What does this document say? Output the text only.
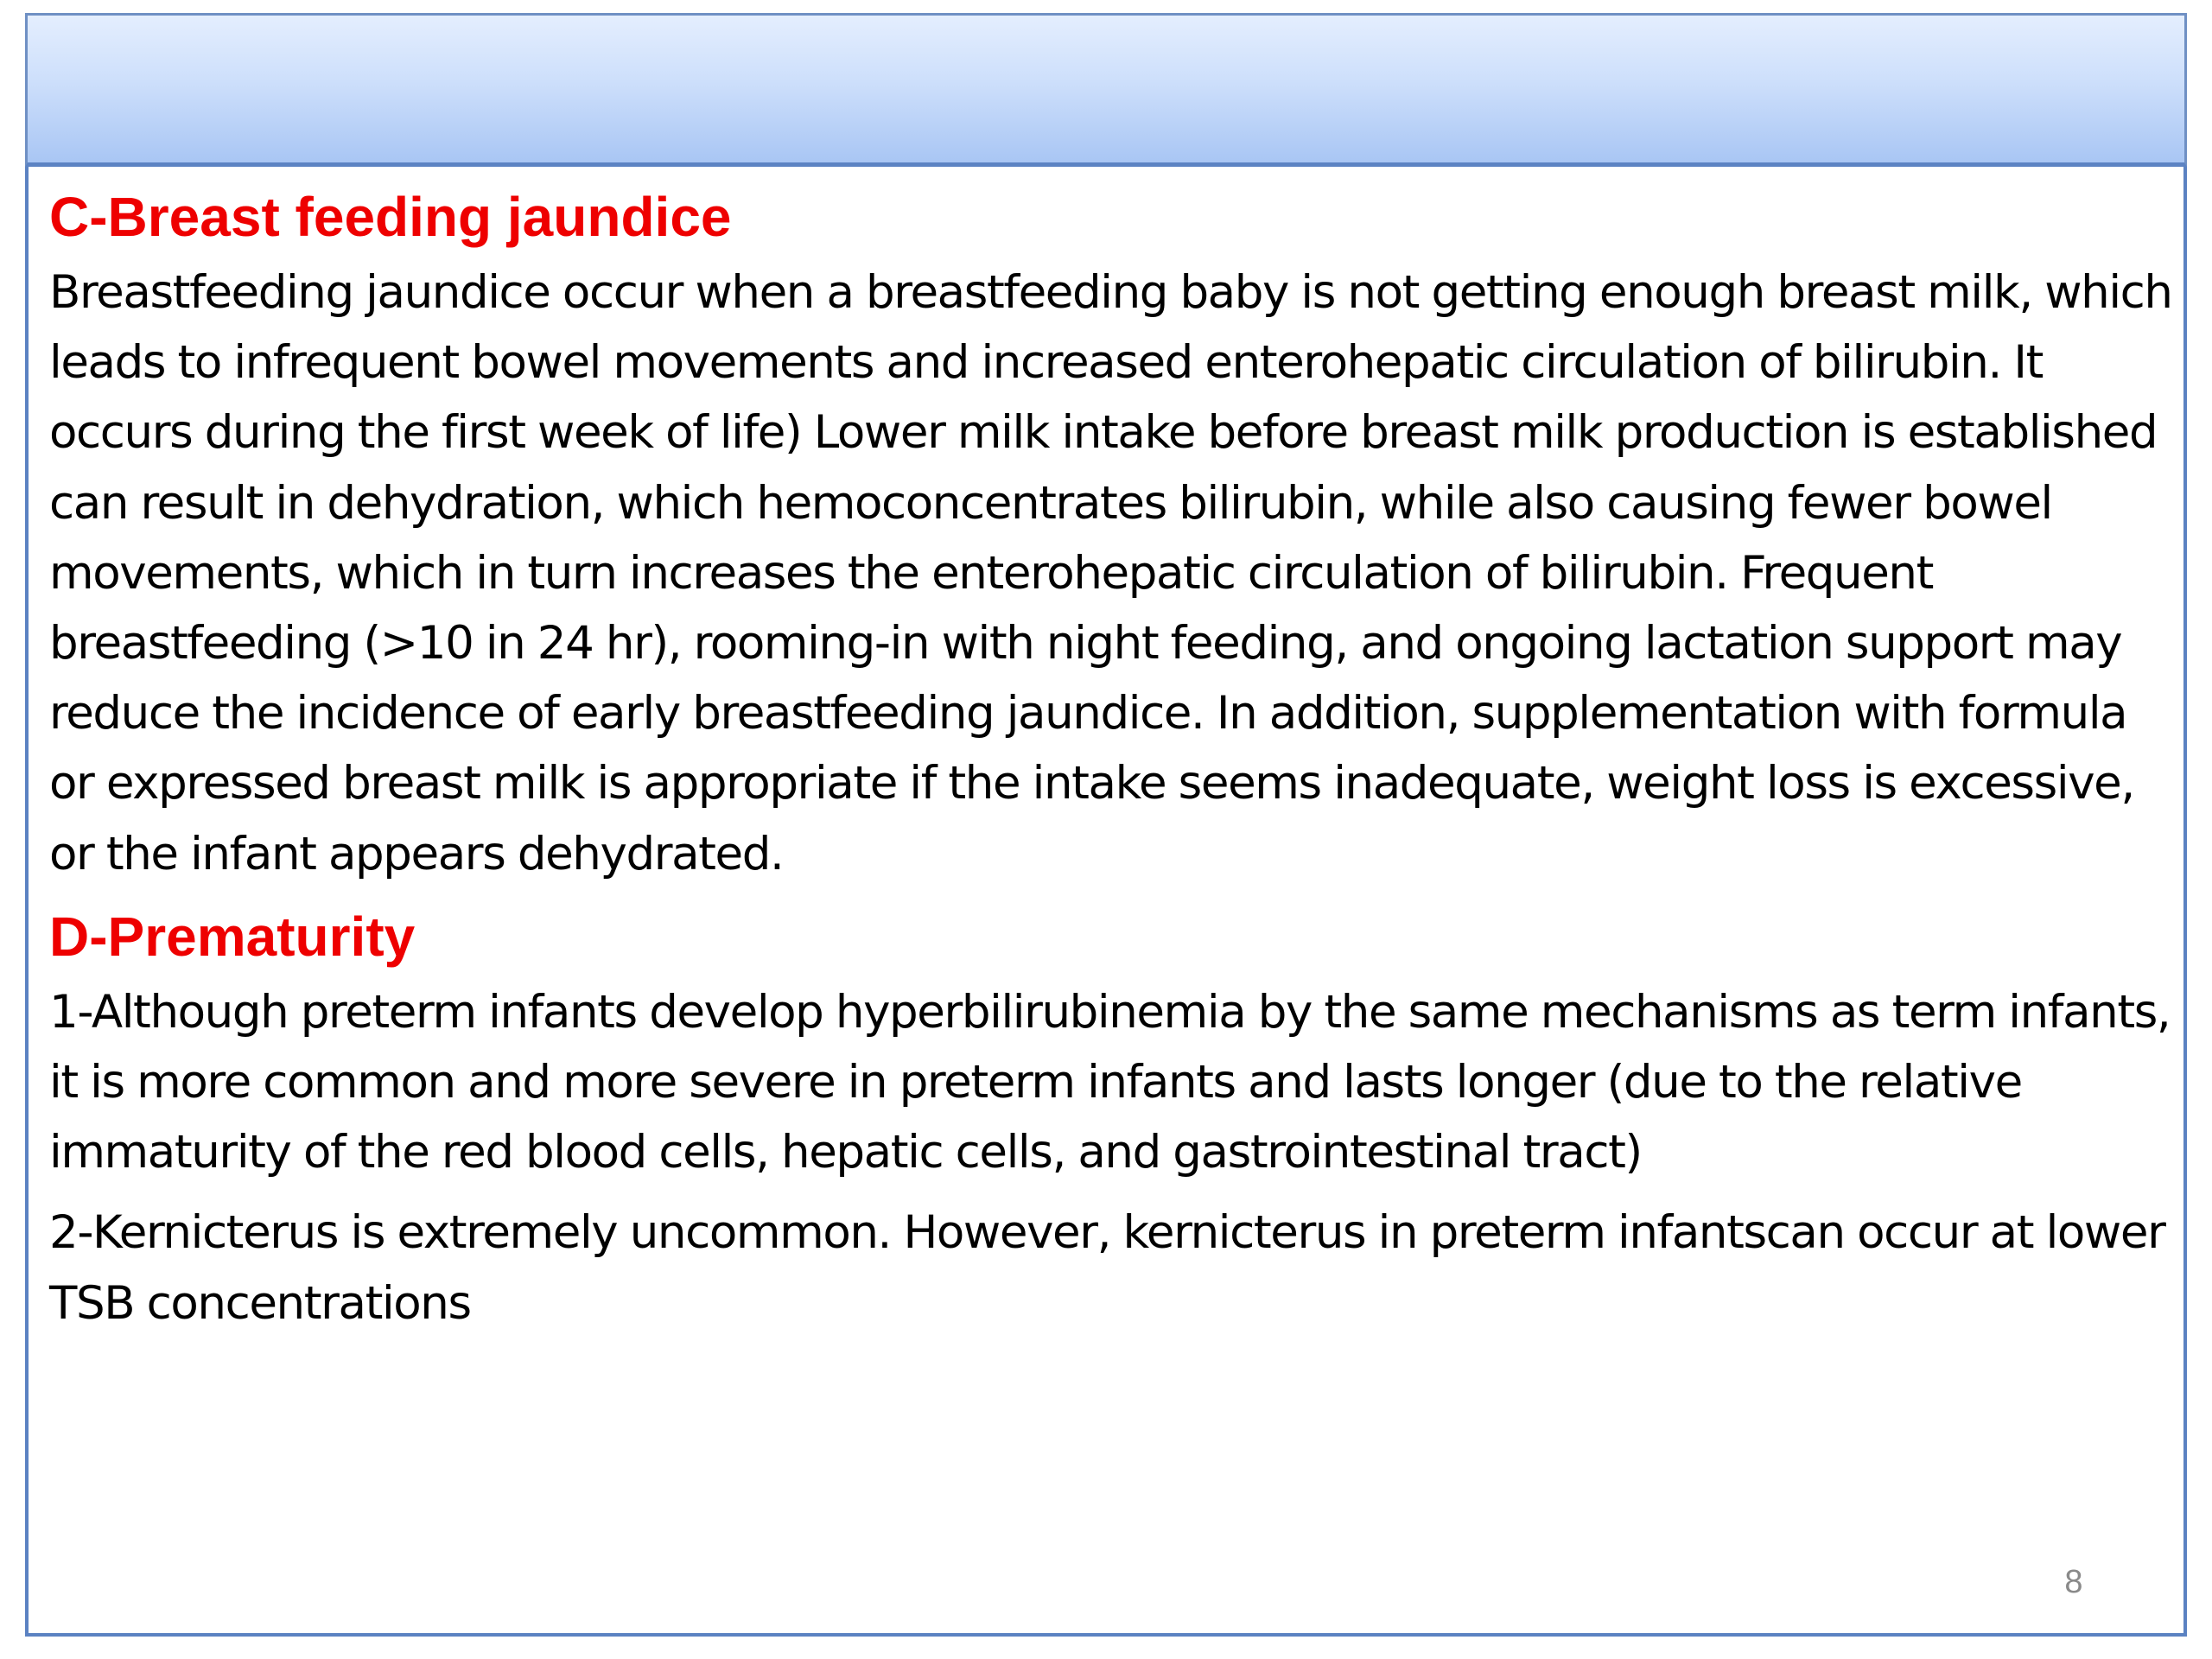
C-Breast feeding jaundice

Breastfeeding jaundice occur when a breastfeeding baby is not getting enough breast milk, which leads to infrequent bowel movements and increased enterohepatic circulation of bilirubin. It occurs during the first week of life) Lower milk intake before breast milk production is established can result in dehydration, which hemoconcentrates bilirubin, while also causing fewer bowel movements, which in turn increases the enterohepatic circulation of bilirubin. Frequent breastfeeding (>10 in 24 hr), rooming-in with night feeding, and ongoing lactation support may reduce the incidence of early breastfeeding jaundice. In addition, supplementation with formula or expressed breast milk is appropriate if the intake seems inadequate, weight loss is excessive, or the infant appears dehydrated.

D-Prematurity

1-Although preterm infants develop hyperbilirubinemia by the same mechanisms as term infants, it is more common and more severe in preterm infants and lasts longer (due to the relative immaturity of the red blood cells, hepatic cells, and gastrointestinal tract)

2-Kernicterus is extremely uncommon. However, kernicterus in preterm infantscan occur at lower TSB concentrations

8
